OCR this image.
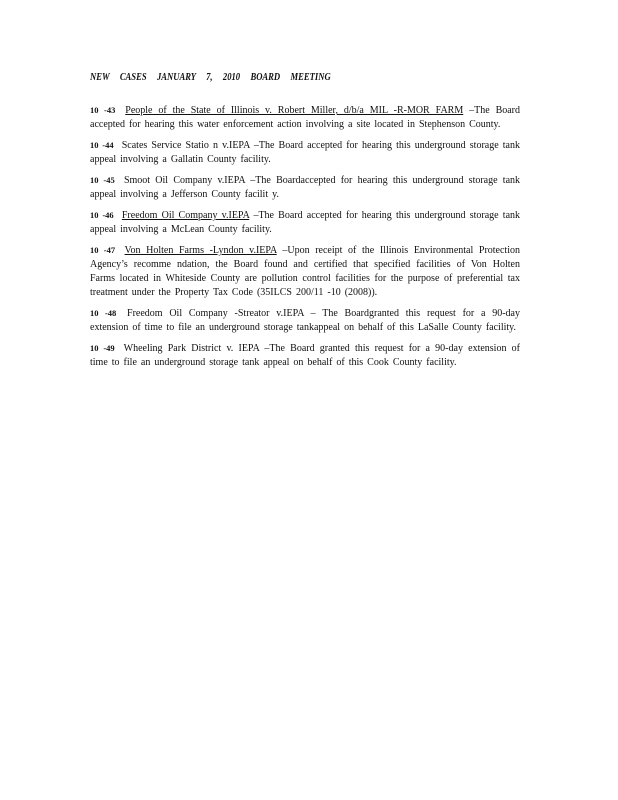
NEW CASES JANUARY 7, 2010 BOARD MEETING
10 -43 People of the State of Illinois v. Robert Miller, d/b/a MIL -R-MOR FARM –The Board accepted for hearing this water enforcement action involving a site located in Stephenson County.
10 -44 Scates Service Statio n v.IEPA –The Board accepted for hearing this underground storage tank appeal involving a Gallatin County facility.
10 -45 Smoot Oil Company v.IEPA –The Boardaccepted for hearing this underground storage tank appeal involving a Jefferson County facilit y.
10 -46 Freedom Oil Company v.IEPA –The Board accepted for hearing this underground storage tank appeal involving a McLean County facility.
10 -47 Von Holten Farms -Lyndon v.IEPA –Upon receipt of the Illinois Environmental Protection Agency’s recomme ndation, the Board found and certified that specified facilities of Von Holten Farms located in Whiteside County are pollution control facilities for the purpose of preferential tax treatment under the Property Tax Code (35ILCS 200/11 -10 (2008)).
10 -48 Freedom Oil Company -Streator v.IEPA – The Boardgranted this request for a 90-day extension of time to file an underground storage tankappeal on behalf of this LaSalle County facility.
10 -49 Wheeling Park District v. IEPA –The Board granted this request for a 90-day extension of time to file an underground storage tank appeal on behalf of this Cook County facility.
